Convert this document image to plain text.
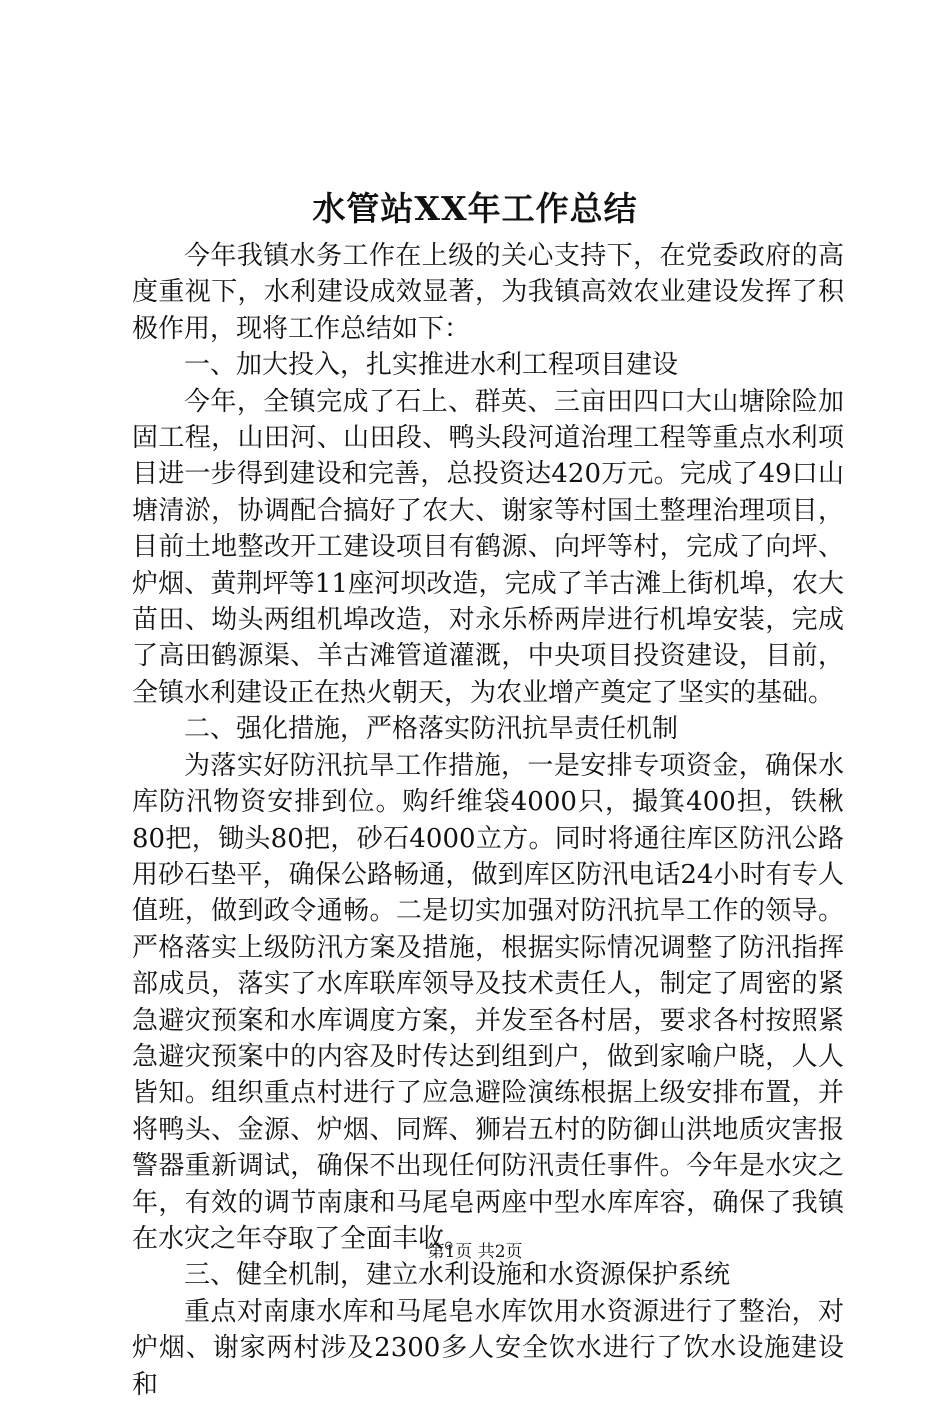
水管站XX年工作总结

今年我镇水务工作在上级的关心支持下，在党委政府的高度重视下，水利建设成效显著，为我镇高效农业建设发挥了积极作用，现将工作总结如下：

一、加大投入，扎实推进水利工程项目建设

今年，全镇完成了石上、群英、三亩田四口大山塘除险加固工程，山田河、山田段、鸭头段河道治理工程等重点水利项目进一步得到建设和完善，总投资达420万元。完成了49口山塘清淤，协调配合搞好了农大、谢家等村国土整理治理项目，目前土地整改开工建设项目有鹤源、向坪等村，完成了向坪、炉烟、黄荆坪等11座河坝改造，完成了羊古滩上街机埠，农大苗田、坳头两组机埠改造，对永乐桥两岸进行机埠安装，完成了高田鹤源渠、羊古滩管道灌溉，中央项目投资建设，目前，全镇水利建设正在热火朝天，为农业增产奠定了坚实的基础。

二、强化措施，严格落实防汛抗旱责任机制

为落实好防汛抗旱工作措施，一是安排专项资金，确保水库防汛物资安排到位。购纤维袋4000只，撮箕400担，铁楸80把，锄头80把，砂石4000立方。同时将通往库区防汛公路用砂石垫平，确保公路畅通，做到库区防汛电话24小时有专人值班，做到政令通畅。二是切实加强对防汛抗旱工作的领导。严格落实上级防汛方案及措施，根据实际情况调整了防汛指挥部成员，落实了水库联库领导及技术责任人，制定了周密的紧急避灾预案和水库调度方案，并发至各村居，要求各村按照紧急避灾预案中的内容及时传达到组到户，做到家喻户晓，人人皆知。组织重点村进行了应急避险演练根据上级安排布置，并将鸭头、金源、炉烟、同辉、狮岩五村的防御山洪地质灾害报警器重新调试，确保不出现任何防汛责任事件。今年是水灾之年，有效的调节南康和马尾皂两座中型水库库容，确保了我镇在水灾之年夺取了全面丰收。

三、健全机制，建立水利设施和水资源保护系统

重点对南康水库和马尾皂水库饮用水资源进行了整治，对炉烟、谢家两村涉及2300多人安全饮水进行了饮水设施建设和

第1页 共2页
